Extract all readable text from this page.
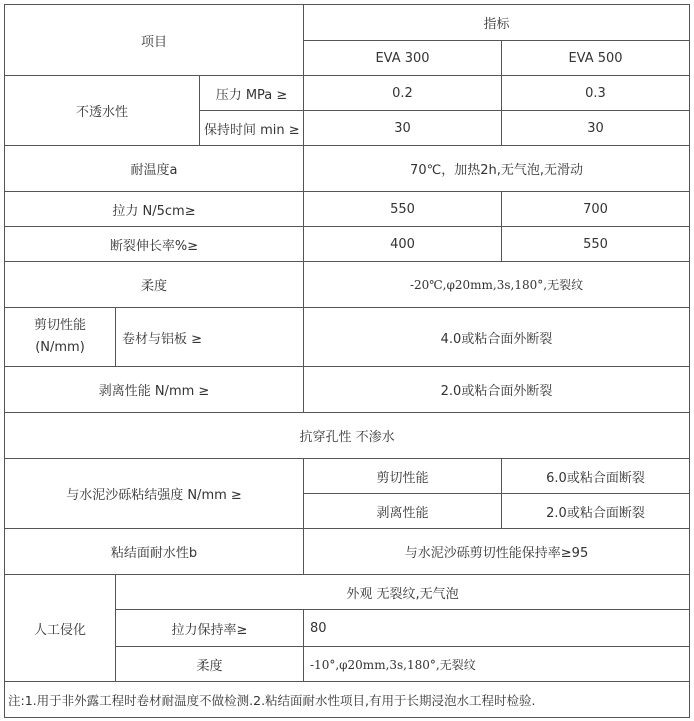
项目			指标	
			EVA 300	EVA 500
不透水性		压力 MPa ≥	0.2	0.3
		保持时间 min ≥	30	30
耐温度a			70℃，加热2h,无气泡,无滑动	
拉力 N/5cm≥			550	700
断裂伸长率%≥			400	550
柔度			-20℃,φ20mm,3s,180°,无裂纹	
剪切性能 (N/mm)	卷材与铝板 ≥		4.0或粘合面外断裂	
剥离性能 N/mm ≥			2.0或粘合面外断裂	
抗穿孔性 不渗水				
与水泥沙砾粘结强度 N/mm ≥			剪切性能	6.0或粘合面断裂
			剥离性能	2.0或粘合面断裂
粘结面耐水性b			与水泥沙砾剪切性能保持率≥95	
人工侵化	外观 无裂纹,无气泡			
	拉力保持率≥		80	
	柔度		-10°,φ20mm,3s,180°,无裂纹	
注:1.用于非外露工程时卷材耐温度不做检测.2.粘结面耐水性项目,有用于长期浸泡水工程时检验.				
